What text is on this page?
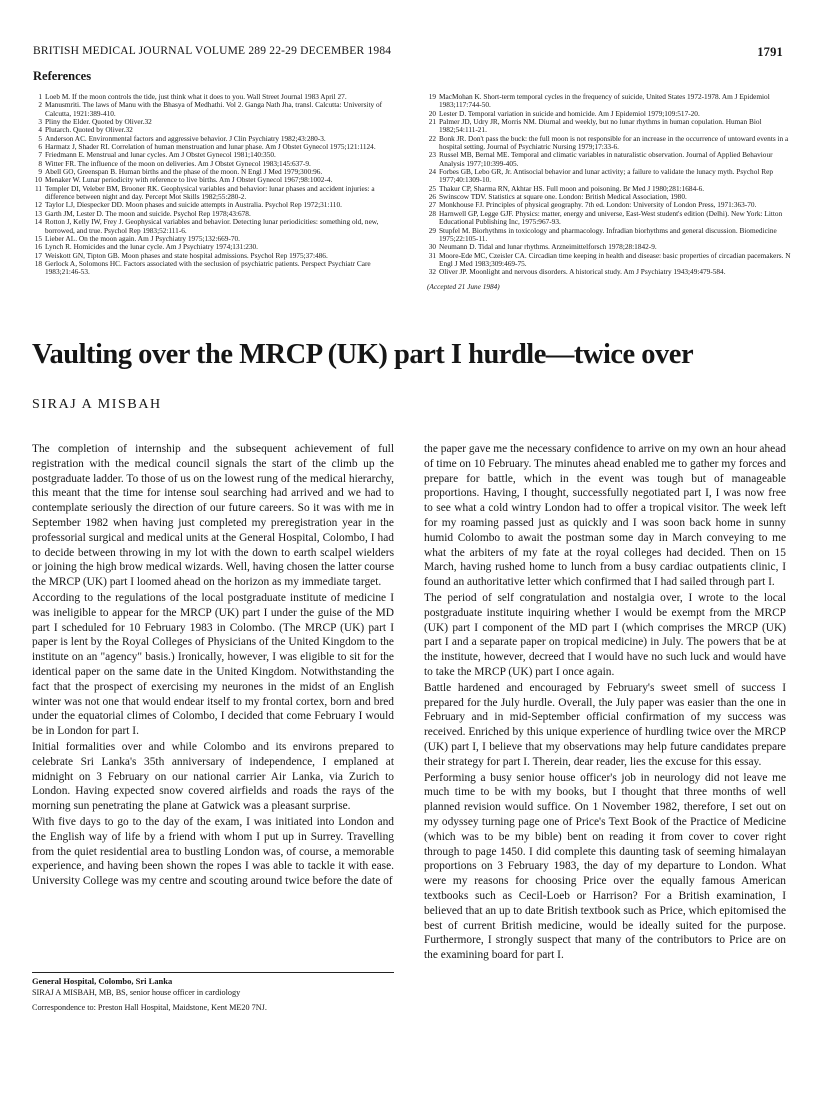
BRITISH MEDICAL JOURNAL VOLUME 289 22-29 DECEMBER 1984	1791
References
1 Loeb M. If the moon controls the tide, just think what it does to you. Wall Street Journal 1983 April 27.
2 Manusmriti. The laws of Manu with the Bhasya of Medhathi. Vol 2. Ganga Nath Jha, transl. Calcutta: University of Calcutta, 1921:389-410.
3 Pliny the Elder. Quoted by Oliver.32
4 Plutarch. Quoted by Oliver.32
5 Anderson AC. Environmental factors and aggressive behavior. J Clin Psychiatry 1982;43:280-3.
6 Harmatz J, Shader RI. Correlation of human menstruation and lunar phase. Am J Obstet Gynecol 1975;121:1124.
7 Friedmann E. Menstrual and lunar cycles. Am J Obstet Gynecol 1981;140:350.
8 Witter FR. The influence of the moon on deliveries. Am J Obstet Gynecol 1983;145:637-9.
9 Abell GO, Greenspan B. Human births and the phase of the moon. N Engl J Med 1979;300:96.
10 Menaker W. Lunar periodicity with reference to live births. Am J Obstet Gynecol 1967;98:1002-4.
11 Templer DI, Veleber BM, Brooner RK. Geophysical variables and behavior: lunar phases and accident injuries: a difference between night and day. Percept Mot Skills 1982;55:280-2.
12 Taylor LJ, Diespecker DD. Moon phases and suicide attempts in Australia. Psychol Rep 1972;31:110.
13 Garth JM, Lester D. The moon and suicide. Psychol Rep 1978;43:678.
14 Rotton J, Kelly IW, Frey J. Geophysical variables and behavior. Detecting lunar periodicities: something old, new, borrowed, and true. Psychol Rep 1983;52:111-6.
15 Lieber AL. On the moon again. Am J Psychiatry 1975;132:669-70.
16 Lynch R. Homicides and the lunar cycle. Am J Psychiatry 1974;131:230.
17 Weiskott GN, Tipton GB. Moon phases and state hospital admissions. Psychol Rep 1975;37:486.
18 Gerlock A, Solomons HC. Factors associated with the seclusion of psychiatric patients. Perspect Psychiatr Care 1983;21:46-53.
19 MacMohan K. Short-term temporal cycles in the frequency of suicide, United States 1972-1978. Am J Epidemiol 1983;117:744-50.
20 Lester D. Temporal variation in suicide and homicide. Am J Epidemiol 1979;109:517-20.
21 Palmer JD, Udry JR, Morris NM. Diurnal and weekly, but no lunar rhythms in human copulation. Human Biol 1982;54:111-21.
22 Bonk JR. Don't pass the buck: the full moon is not responsible for an increase in the occurrence of untoward events in a hospital setting. Journal of Psychiatric Nursing 1979;17:33-6.
23 Russel MB, Bernal ME. Temporal and climatic variables in naturalistic observation. Journal of Applied Behaviour Analysis 1977;10:399-405.
24 Forbes GB, Lebo GR, Jr. Antisocial behavior and lunar activity; a failure to validate the lunacy myth. Psychol Rep 1977;40:1309-10.
25 Thakur CP, Sharma RN, Akhtar HS. Full moon and poisoning. Br Med J 1980;281:1684-6.
26 Swinscow TDV. Statistics at square one. London: British Medical Association, 1980.
27 Monkhouse FJ. Principles of physical geography. 7th ed. London: University of London Press, 1971:363-70.
28 Harnwell GP, Legge GJF. Physics: matter, energy and universe, East-West student's edition (Delhi). New York: Litton Educational Publishing Inc, 1975:967-93.
29 Stupfel M. Biorhythms in toxicology and pharmacology. Infradian biorhythms and general discussion. Biomedicine 1975;22:105-11.
30 Neumann D. Tidal and lunar rhythms. Arzneimittelforsch 1978;28:1842-9.
31 Moore-Ede MC, Czeisler CA. Circadian time keeping in health and disease: basic properties of circadian pacemakers. N Engl J Med 1983;309:469-75.
32 Oliver JP. Moonlight and nervous disorders. A historical study. Am J Psychiatry 1943;49:479-584.
(Accepted 21 June 1984)
Vaulting over the MRCP (UK) part I hurdle—twice over
SIRAJ A MISBAH

The completion of internship and the subsequent achievement of full registration with the medical council signals the start of the climb up the postgraduate ladder. To those of us on the lowest rung of the medical hierarchy, this meant that the time for intense soul searching had arrived and we had to contemplate seriously the direction of our future careers. So it was with me in September 1982 when having just completed my preregistration year in the professorial surgical and medical units at the General Hospital, Colombo, I had to decide between throwing in my lot with the down to earth scalpel wielders or joining the high brow medical wizards. Well, having chosen the latter course the MRCP (UK) part I loomed ahead on the horizon as my immediate target.

According to the regulations of the local postgraduate institute of medicine I was ineligible to appear for the MRCP (UK) part I under the guise of the MD part I scheduled for 10 February 1983 in Colombo. (The MRCP (UK) part I paper is lent by the Royal Colleges of Physicians of the United Kingdom to the institute on an "agency" basis.) Ironically, however, I was eligible to sit for the identical paper on the same date in the United Kingdom. Notwithstanding the fact that the prospect of exercising my neurones in the midst of an English winter was not one that would endear itself to my frontal cortex, born and bred under the equatorial climes of Colombo, I decided that come February I would be in London for part I.

Initial formalities over and while Colombo and its environs prepared to celebrate Sri Lanka's 35th anniversary of independence, I emplaned at midnight on 3 February on our national carrier Air Lanka, via Zurich to London. Having expected snow covered airfields and roads the rays of the morning sun penetrating the plane at Gatwick was a pleasant surprise.

With five days to go to the day of the exam, I was initiated into London and the English way of life by a friend with whom I put up in Surrey. Travelling from the quiet residential area to bustling London was, of course, a memorable experience, and having been shown the ropes I was able to tackle it with ease. University College was my centre and scouting around twice before the date of

the paper gave me the necessary confidence to arrive on my own an hour ahead of time on 10 February. The minutes ahead enabled me to gather my forces and prepare for battle, which in the event was tough but of manageable proportions. Having, I thought, successfully negotiated part I, I was now free to see what a cold wintry London had to offer a tropical visitor. The week left for my roaming passed just as quickly and I was soon back home in sunny humid Colombo to await the postman some day in March conveying to me what the arbiters of my fate at the royal colleges had decided. Then on 15 March, having rushed home to lunch from a busy cardiac outpatients clinic, I found an authoritative letter which confirmed that I had sailed through part I.

The period of self congratulation and nostalgia over, I wrote to the local postgraduate institute inquiring whether I would be exempt from the MRCP (UK) part I component of the MD part I (which comprises the MRCP (UK) part I and a separate paper on tropical medicine) in July. The powers that be at the institute, however, decreed that I would have no such luck and would have to take the MRCP (UK) part I once again.

Battle hardened and encouraged by February's sweet smell of success I prepared for the July hurdle. Overall, the July paper was easier than the one in February and in mid-September official confirmation of my success was received. Enriched by this unique experience of hurdling twice over the MRCP (UK) part I, I believe that my observations may help future candidates prepare their strategy for part I. Therein, dear reader, lies the excuse for this essay.

Performing a busy senior house officer's job in neurology did not leave me much time to be with my books, but I thought that three months of well planned revision would suffice. On 1 November 1982, therefore, I set out on my odyssey turning page one of Price's Text Book of the Practice of Medicine (which was to be my bible) bent on reading it from cover to cover right through to page 1450. I did complete this daunting task of seeming himalayan proportions on 3 February 1983, the day of my departure to London. What were my reasons for choosing Price over the equally famous American textbooks such as Cecil-Loeb or Harrison? For a British examination, I believed that an up to date British textbook such as Price, which epitomised the best of current British medicine, would be ideally suited for the purpose. Furthermore, I strongly suspect that many of the contributors to Price are on the examining board for part I.

General Hospital, Colombo, Sri Lanka
SIRAJ A MISBAH, MB, BS, senior house officer in cardiology
Correspondence to: Preston Hall Hospital, Maidstone, Kent ME20 7NJ.
